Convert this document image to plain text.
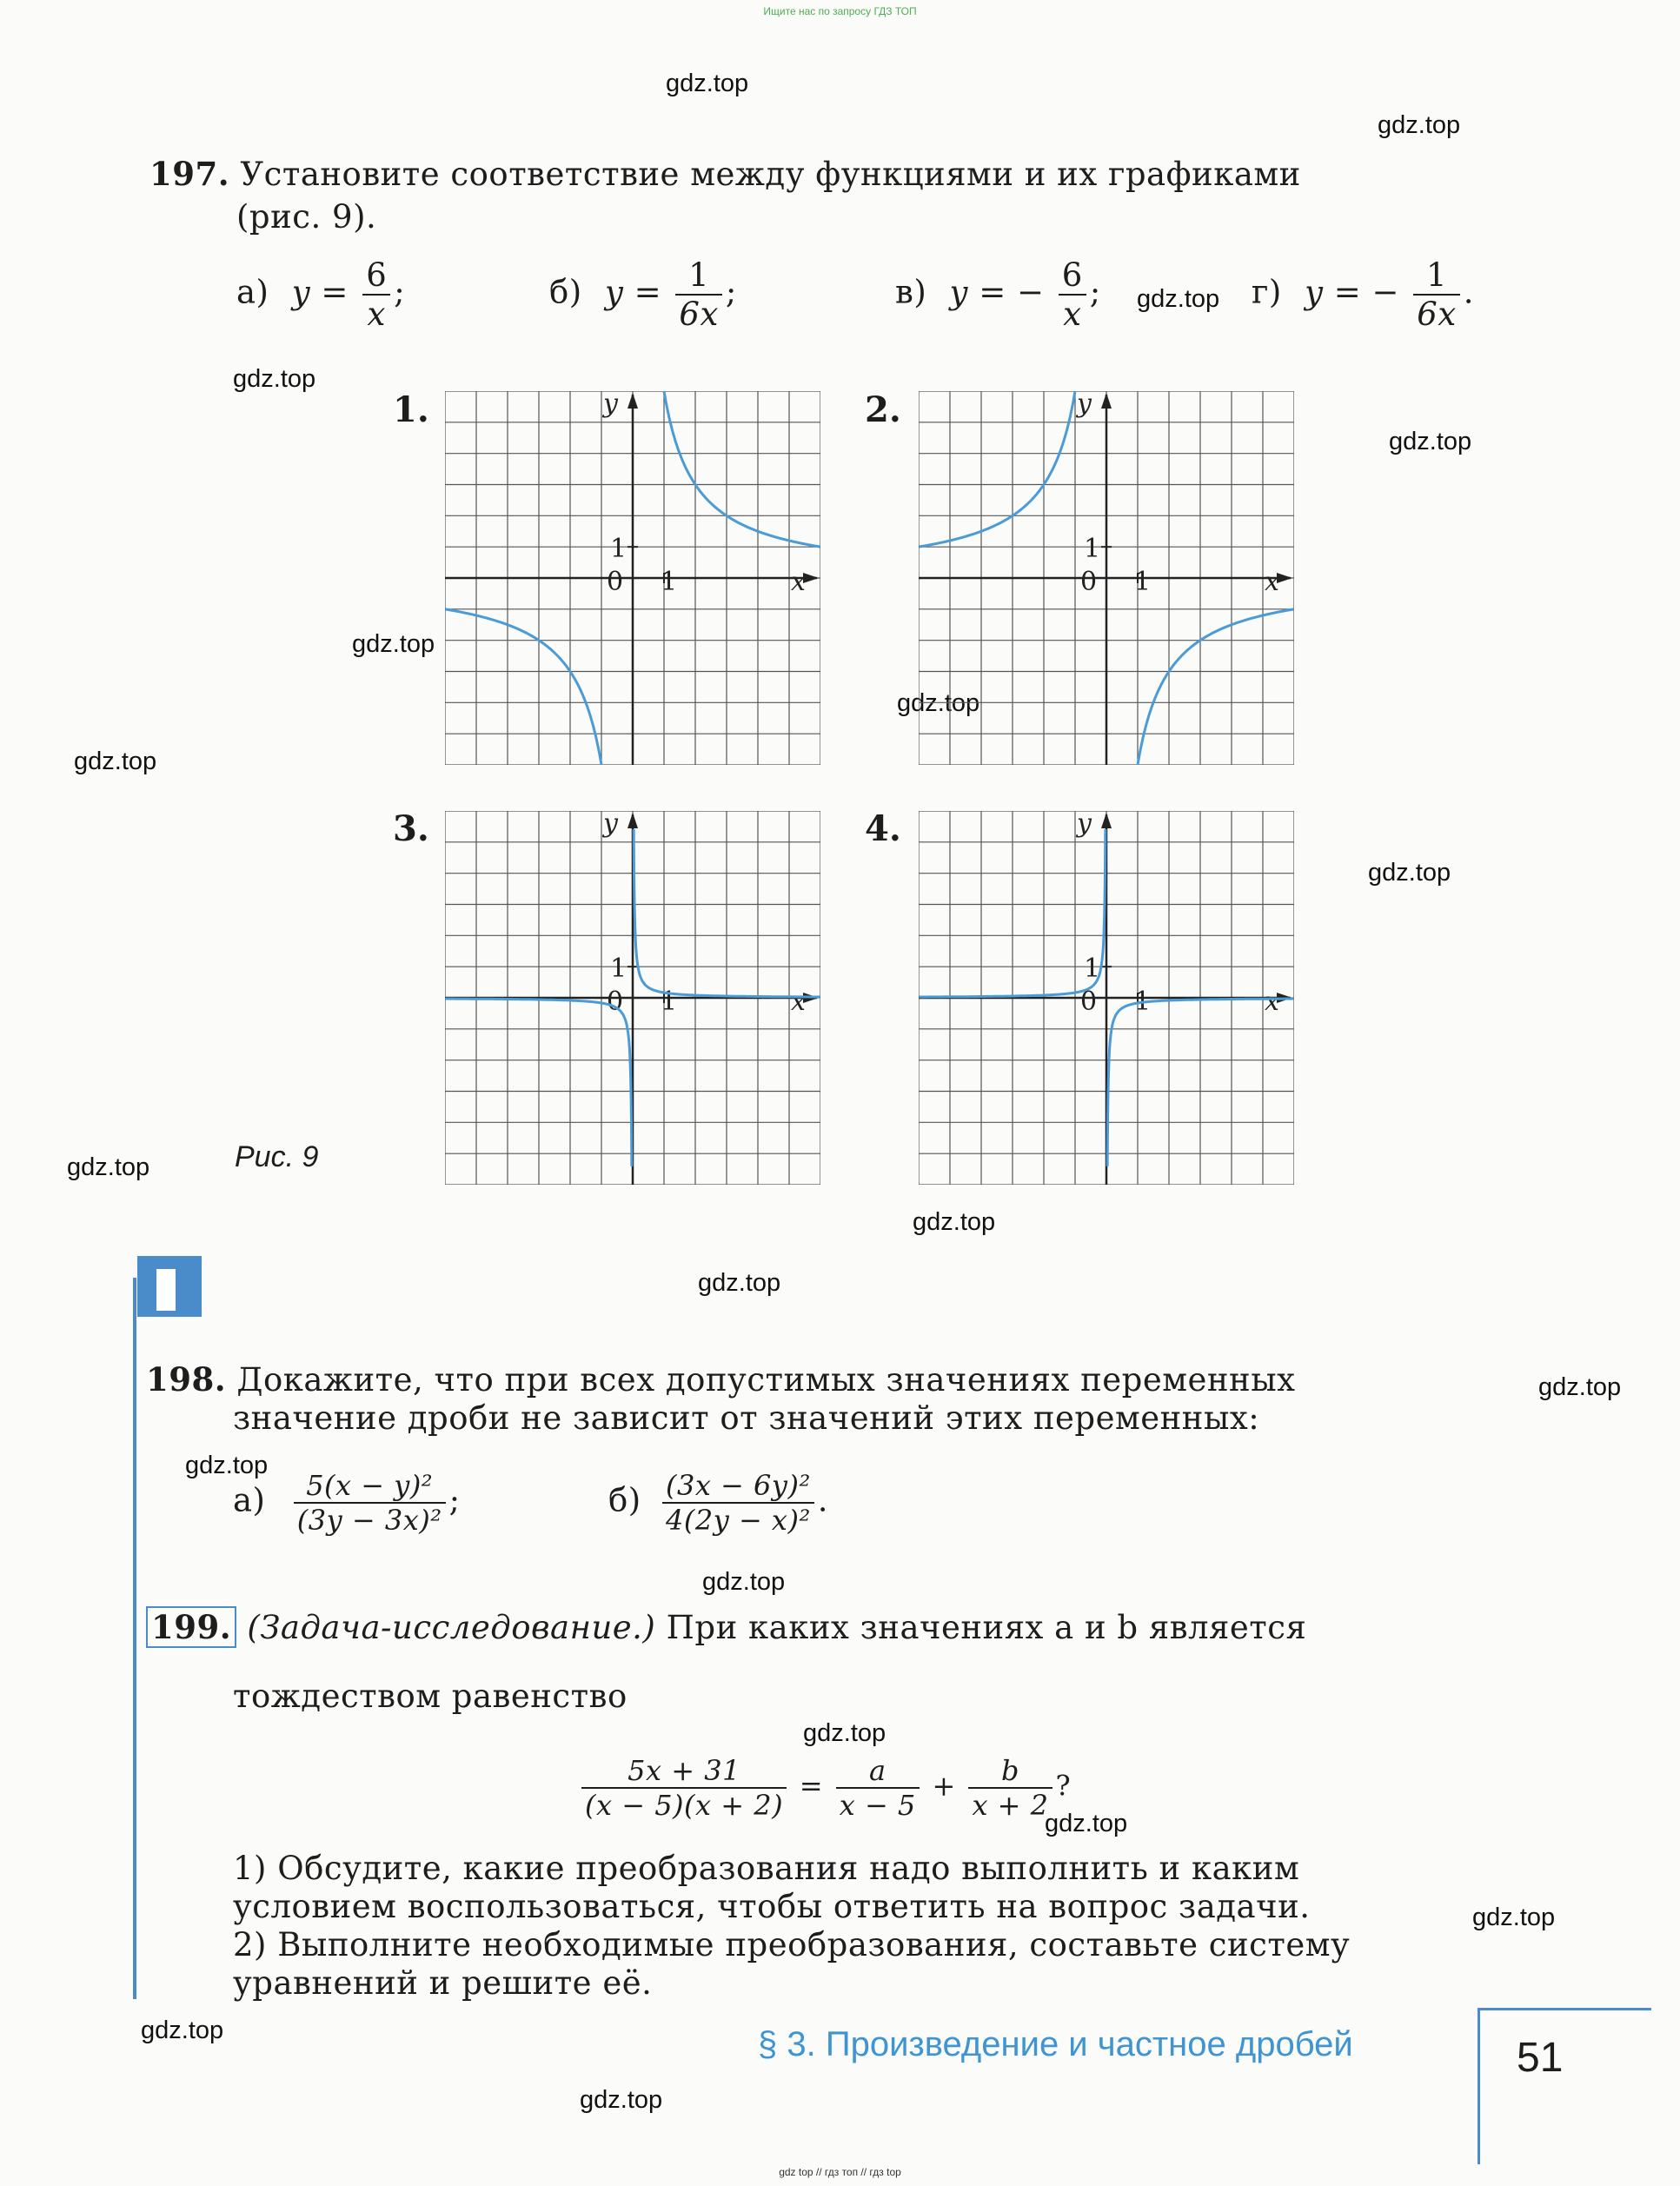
Ищите нас по запросу ГДЗ ТОП
gdz.top
gdz.top
gdz.top
gdz.top
gdz.top
gdz.top
gdz.top
gdz.top
gdz.top
gdz.top
gdz.top
gdz.top
gdz.top
gdz.top
gdz.top
gdz.top
gdz.top
gdz.top
gdz.top
gdz.top
197. Установите соответствие между функциями и их графиками
(рис. 9).
а) $y = \frac{6}{x}$ ;	б) $y = \frac{1}{6x}$ ;	в) y = − $\frac{6}{x}$ ;	г) y = − $\frac{1}{6x}$ .
1.	2.
3.	4.
0 1
1
x
y
0 1
1
x
y
0 1
1
x
y
0 1
1
x
y
Рис. 9
198. Докажите, что при всех допустимых значениях переменных
значение дроби не зависит от значений этих переменных:
$а) \frac{\text{5(x − y)²}}{\text{(3y − 3x)²}}$ ;	$б) \frac{\text{(3x − 6y)²}}{\text{4(2y − x)²}}$ .
199. (Задача-исследование.) При каких значениях a и b является
тождеством равенство
$\frac{5x + 31}{(x - 5)(x + 2)} = \frac{a}{x - 5} + \frac{b}{x + 2}$ ?
1) Обсудите, какие преобразования надо выполнить и каким
условием воспользоваться, чтобы ответить на вопрос задачи.
2) Выполните необходимые преобразования, составьте систему
уравнений и решите её.
§ 3. Произведение и частное дробей	51
gdz top // гдз топ // гдз top
